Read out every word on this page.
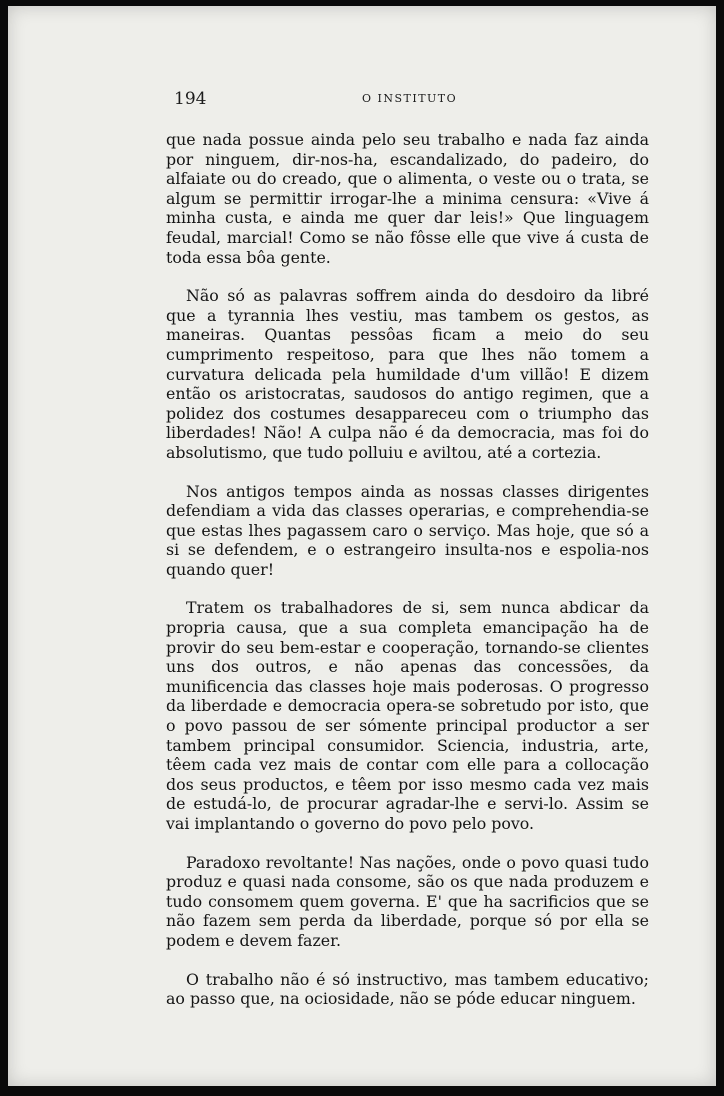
194	O INSTITUTO

que nada possue ainda pelo seu trabalho e nada faz ainda por ninguem, dir-nos-ha, escandalizado, do padeiro, do alfaiate ou do creado, que o alimenta, o veste ou o trata, se algum se permittir irrogar-lhe a minima censura: «Vive á minha custa, e ainda me quer dar leis!» Que linguagem feudal, marcial! Como se não fôsse elle que vive á custa de toda essa bôa gente.

Não só as palavras soffrem ainda do desdoiro da libré que a tyrannia lhes vestiu, mas tambem os gestos, as maneiras. Quantas pessôas ficam a meio do seu cumprimento respeitoso, para que lhes não tomem a curvatura delicada pela humildade d'um villão! E dizem então os aristocratas, saudosos do antigo regimen, que a polidez dos costumes desappareceu com o triumpho das liberdades! Não! A culpa não é da democracia, mas foi do absolutismo, que tudo polluiu e aviltou, até a cortezia.

Nos antigos tempos ainda as nossas classes dirigentes defendiam a vida das classes operarias, e comprehendia-se que estas lhes pagassem caro o serviço. Mas hoje, que só a si se defendem, e o estrangeiro insulta-nos e espolia-nos quando quer!

Tratem os trabalhadores de si, sem nunca abdicar da propria causa, que a sua completa emancipação ha de provir do seu bem-estar e cooperação, tornando-se clientes uns dos outros, e não apenas das concessões, da munificencia das classes hoje mais poderosas. O progresso da liberdade e democracia opera-se sobretudo por isto, que o povo passou de ser sómente principal productor a ser tambem principal consumidor. Sciencia, industria, arte, têem cada vez mais de contar com elle para a collocação dos seus productos, e têem por isso mesmo cada vez mais de estudá-lo, de procurar agradar-lhe e servi-lo. Assim se vai implantando o governo do povo pelo povo.

Paradoxo revoltante! Nas nações, onde o povo quasi tudo produz e quasi nada consome, são os que nada produzem e tudo consomem quem governa. E' que ha sacrificios que se não fazem sem perda da liberdade, porque só por ella se podem e devem fazer.

O trabalho não é só instructivo, mas tambem educativo; ao passo que, na ociosidade, não se póde educar ninguem.
